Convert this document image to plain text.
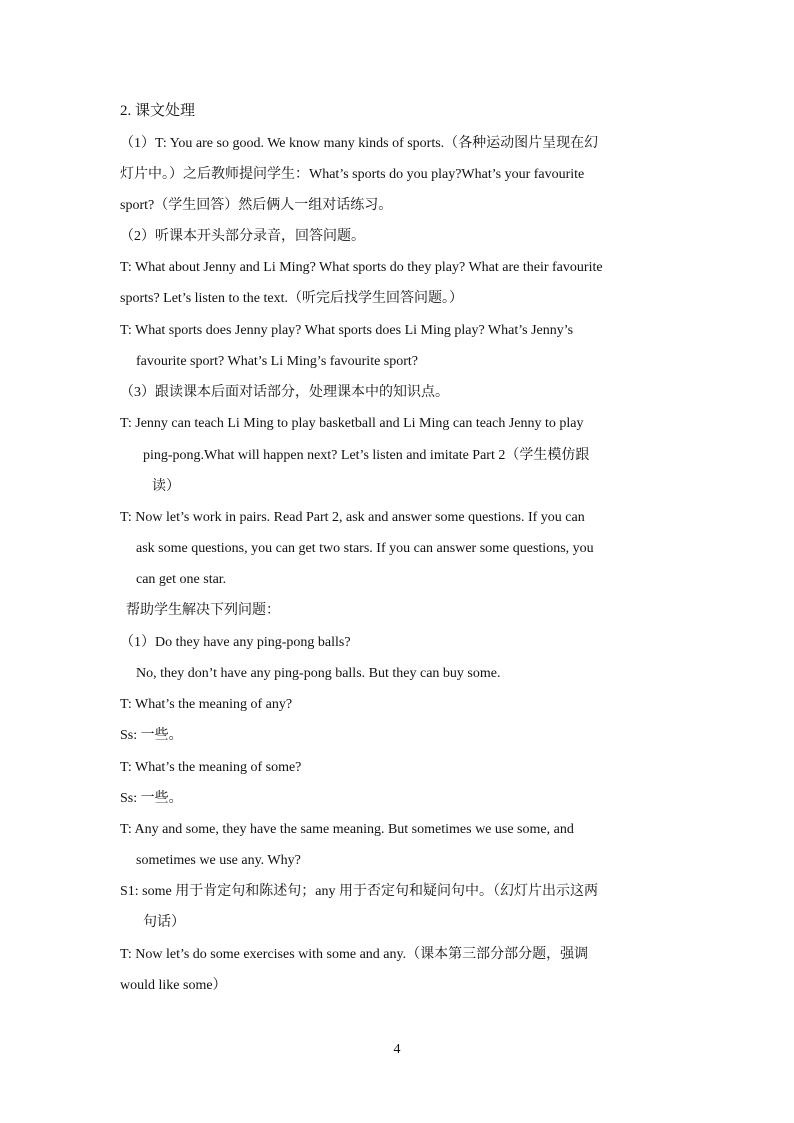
2. 课文处理
（1）T: You are so good. We know many kinds of sports.（各种运动图片呈现在幻
灯片中。）之后教师提问学生：What’s sports do you play?What’s your favourite
sport?（学生回答）然后俩人一组对话练习。
（2）听课本开头部分录音，回答问题。
T: What about Jenny and Li Ming? What sports do they play? What are their favourite
sports? Let’s listen to the text.（听完后找学生回答问题。）
T: What sports does Jenny play? What sports does Li Ming play? What’s Jenny’s
favourite sport? What’s Li Ming’s favourite sport?
（3）跟读课本后面对话部分，处理课本中的知识点。
T: Jenny can teach Li Ming to play basketball and Li Ming can teach Jenny to play
ping-pong.What will happen next? Let’s listen and imitate Part 2（学生模仿跟
读）
T: Now let’s work in pairs. Read Part 2, ask and answer some questions. If you can
ask some questions, you can get two stars. If you can answer some questions, you
can get one star.
帮助学生解决下列问题：
（1）Do they have any ping-pong balls?
No, they don’t have any ping-pong balls. But they can buy some.
T: What’s the meaning of any?
Ss: 一些。
T: What’s the meaning of some?
Ss: 一些。
T: Any and some, they have the same meaning. But sometimes we use some, and
sometimes we use any. Why?
S1: some 用于肯定句和陈述句；any 用于否定句和疑问句中。（幻灯片出示这两
句话）
T: Now let’s do some exercises with some and any.（课本第三部分部分题，强调
would like some）
4
